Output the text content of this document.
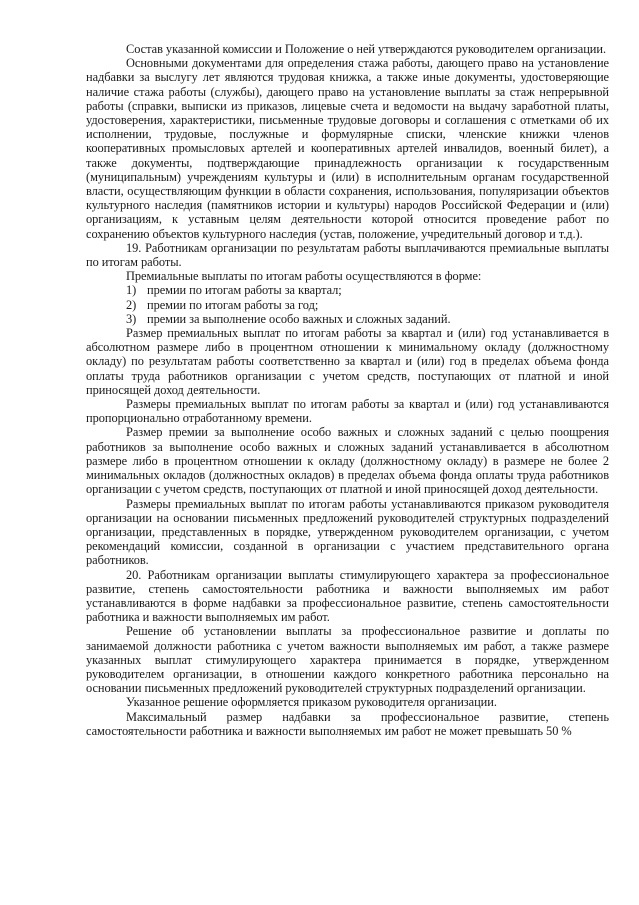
Состав указанной комиссии и Положение о ней утверждаются руководителем организации.

Основными документами для определения стажа работы, дающего право на установление надбавки за выслугу лет являются трудовая книжка, а также иные документы, удостоверяющие наличие стажа работы (службы), дающего право на установление выплаты за стаж непрерывной работы (справки, выписки из приказов, лицевые счета и ведомости на выдачу заработной платы, удостоверения, характеристики, письменные трудовые договоры и соглашения с отметками об их исполнении, трудовые, послужные и формулярные списки, членские книжки членов кооперативных промысловых артелей и кооперативных артелей инвалидов, военный билет), а также документы, подтверждающие принадлежность организации к государственным (муниципальным) учреждениям культуры и (или) в исполнительным органам государственной власти, осуществляющим функции в области сохранения, использования, популяризации объектов культурного наследия (памятников истории и культуры) народов Российской Федерации и (или) организациям, к уставным целям деятельности которой относится проведение работ по сохранению объектов культурного наследия (устав, положение, учредительный договор и т.д.).

19. Работникам организации по результатам работы выплачиваются премиальные выплаты по итогам работы.

Премиальные выплаты по итогам работы осуществляются в форме:

1) премии по итогам работы за квартал;

2) премии по итогам работы за год;

3) премии за выполнение особо важных и сложных заданий.

Размер премиальных выплат по итогам работы за квартал и (или) год устанавливается в абсолютном размере либо в процентном отношении к минимальному окладу (должностному окладу) по результатам работы соответственно за квартал и (или) год в пределах объема фонда оплаты труда работников организации с учетом средств, поступающих от платной и иной приносящей доход деятельности.

Размеры премиальных выплат по итогам работы за квартал и (или) год устанавливаются пропорционально отработанному времени.

Размер премии за выполнение особо важных и сложных заданий с целью поощрения работников за выполнение особо важных и сложных заданий устанавливается в абсолютном размере либо в процентном отношении к окладу (должностному окладу) в размере не более 2 минимальных окладов (должностных окладов) в пределах объема фонда оплаты труда работников организации с учетом средств, поступающих от платной и иной приносящей доход деятельности.

Размеры премиальных выплат по итогам работы устанавливаются приказом руководителя организации на основании письменных предложений руководителей структурных подразделений организации, представленных в порядке, утвержденном руководителем организации, с учетом рекомендаций комиссии, созданной в организации с участием представительного органа работников.

20. Работникам организации выплаты стимулирующего характера за профессиональное развитие, степень самостоятельности работника и важности выполняемых им работ устанавливаются в форме надбавки за профессиональное развитие, степень самостоятельности работника и важности выполняемых им работ.

Решение об установлении выплаты за профессиональное развитие и доплаты по занимаемой должности работника с учетом важности выполняемых им работ, а также размере указанных выплат стимулирующего характера принимается в порядке, утвержденном руководителем организации, в отношении каждого конкретного работника персонально на основании письменных предложений руководителей структурных подразделений организации.

Указанное решение оформляется приказом руководителя организации.

Максимальный размер надбавки за профессиональное развитие, степень самостоятельности работника и важности выполняемых им работ не может превышать 50 %
